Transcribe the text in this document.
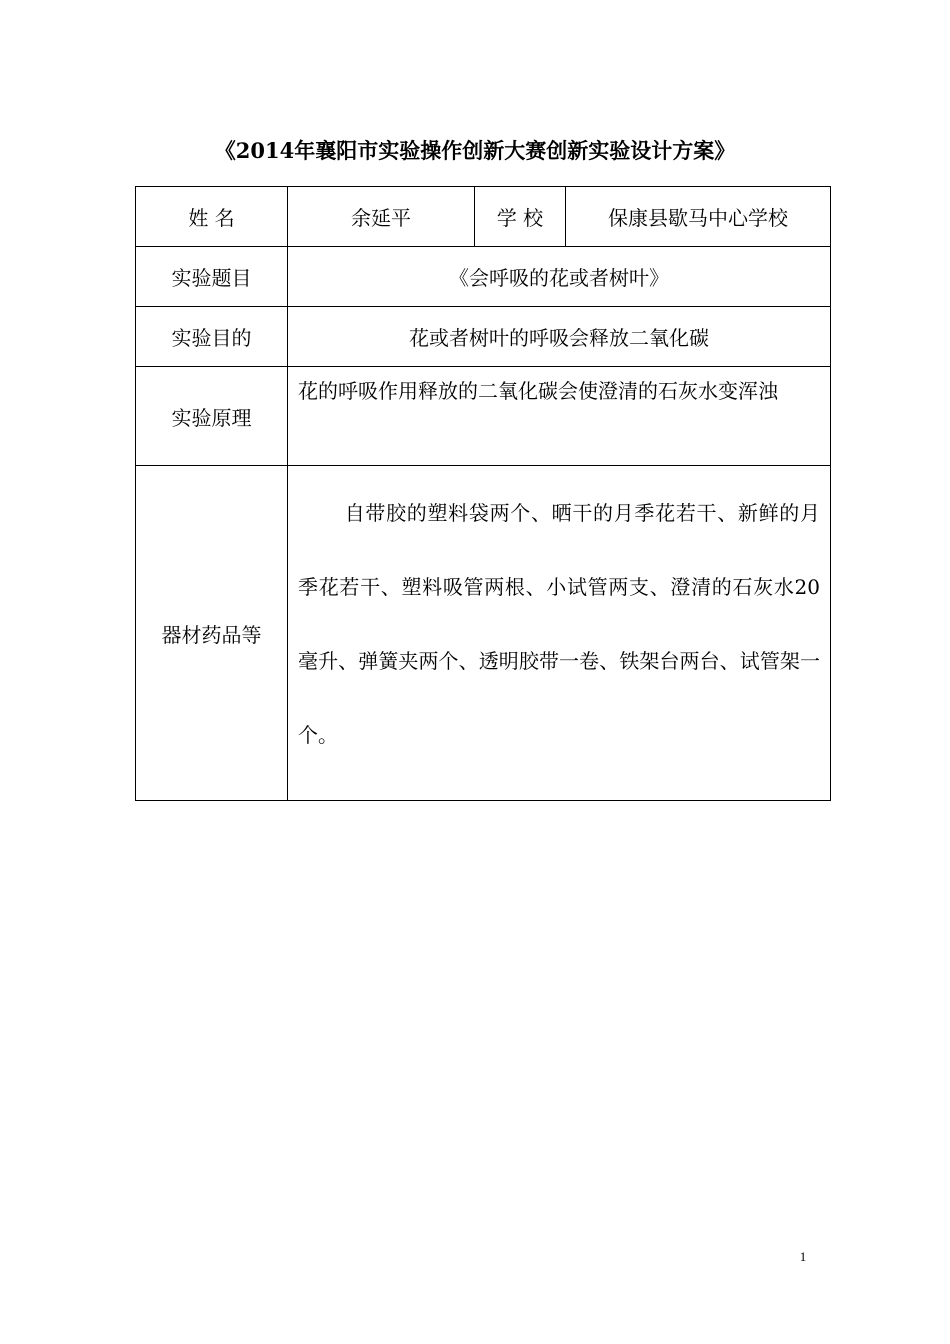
《2014年襄阳市实验操作创新大赛创新实验设计方案》
姓 名	余延平	学 校	保康县歇马中心学校
实验题目	《会呼吸的花或者树叶》		
实验目的	花或者树叶的呼吸会释放二氧化碳		
实验原理	花的呼吸作用释放的二氧化碳会使澄清的石灰水变浑浊		
器材药品等	自带胶的塑料袋两个、晒干的月季花若干、新鲜的月季花若干、塑料吸管两根、小试管两支、澄清的石灰水20毫升、弹簧夹两个、透明胶带一卷、铁架台两台、试管架一个。		
1
